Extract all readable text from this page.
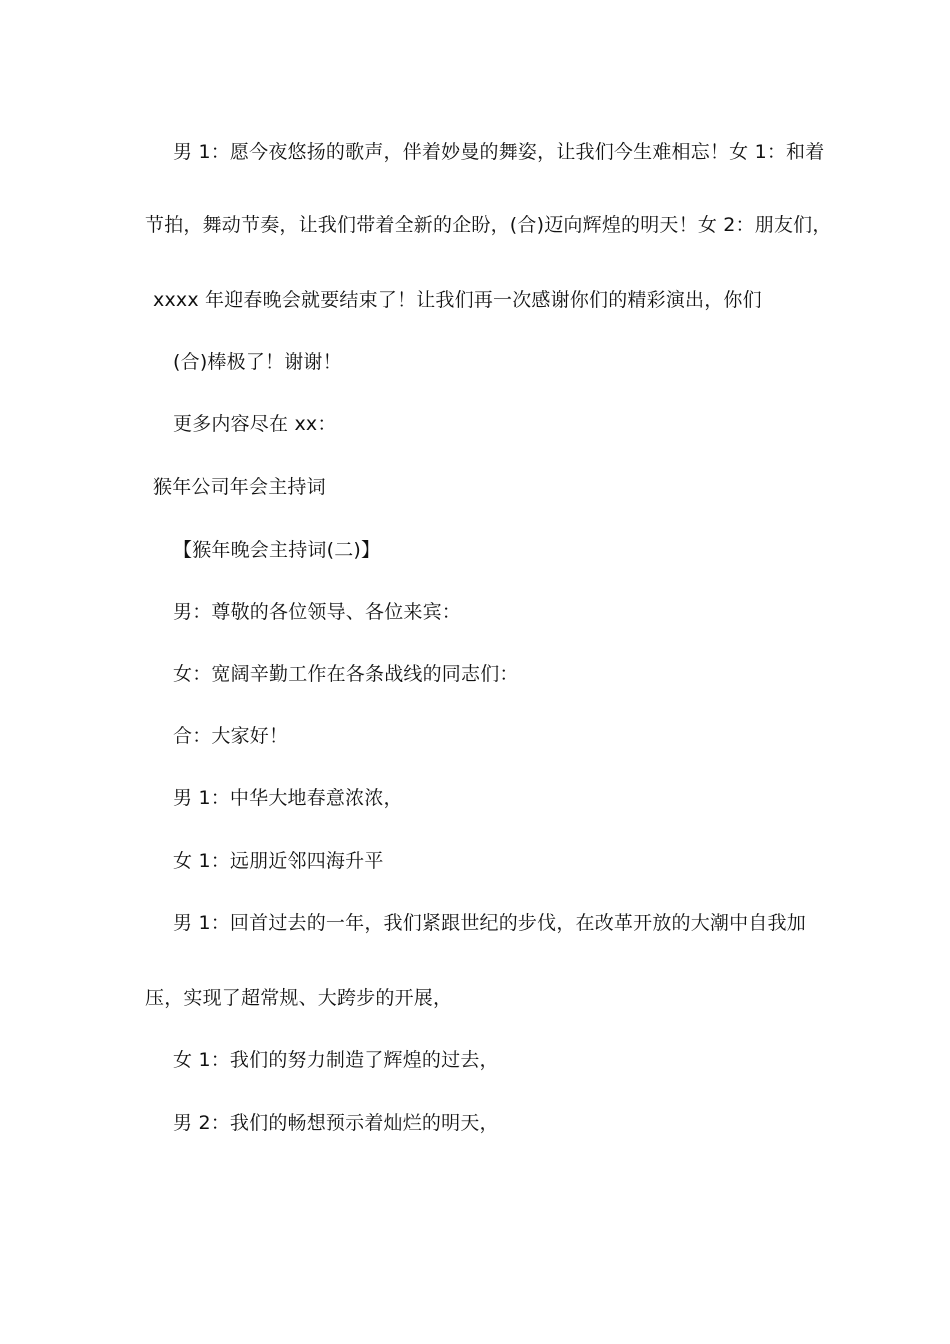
男 1：愿今夜悠扬的歌声，伴着妙曼的舞姿，让我们今生难相忘！女 1：和着
节拍，舞动节奏，让我们带着全新的企盼，(合)迈向辉煌的明天！女 2：朋友们，
xxxx 年迎春晚会就要结束了！让我们再一次感谢你们的精彩演出，你们
(合)棒极了！谢谢！
更多内容尽在 xx：
猴年公司年会主持词
【猴年晚会主持词(二)】
男：尊敬的各位领导、各位来宾：
女：宽阔辛勤工作在各条战线的同志们：
合：大家好！
男 1：中华大地春意浓浓，
女 1：远朋近邻四海升平
男 1：回首过去的一年，我们紧跟世纪的步伐，在改革开放的大潮中自我加
压，实现了超常规、大跨步的开展，
女 1：我们的努力制造了辉煌的过去，
男 2：我们的畅想预示着灿烂的明天，
